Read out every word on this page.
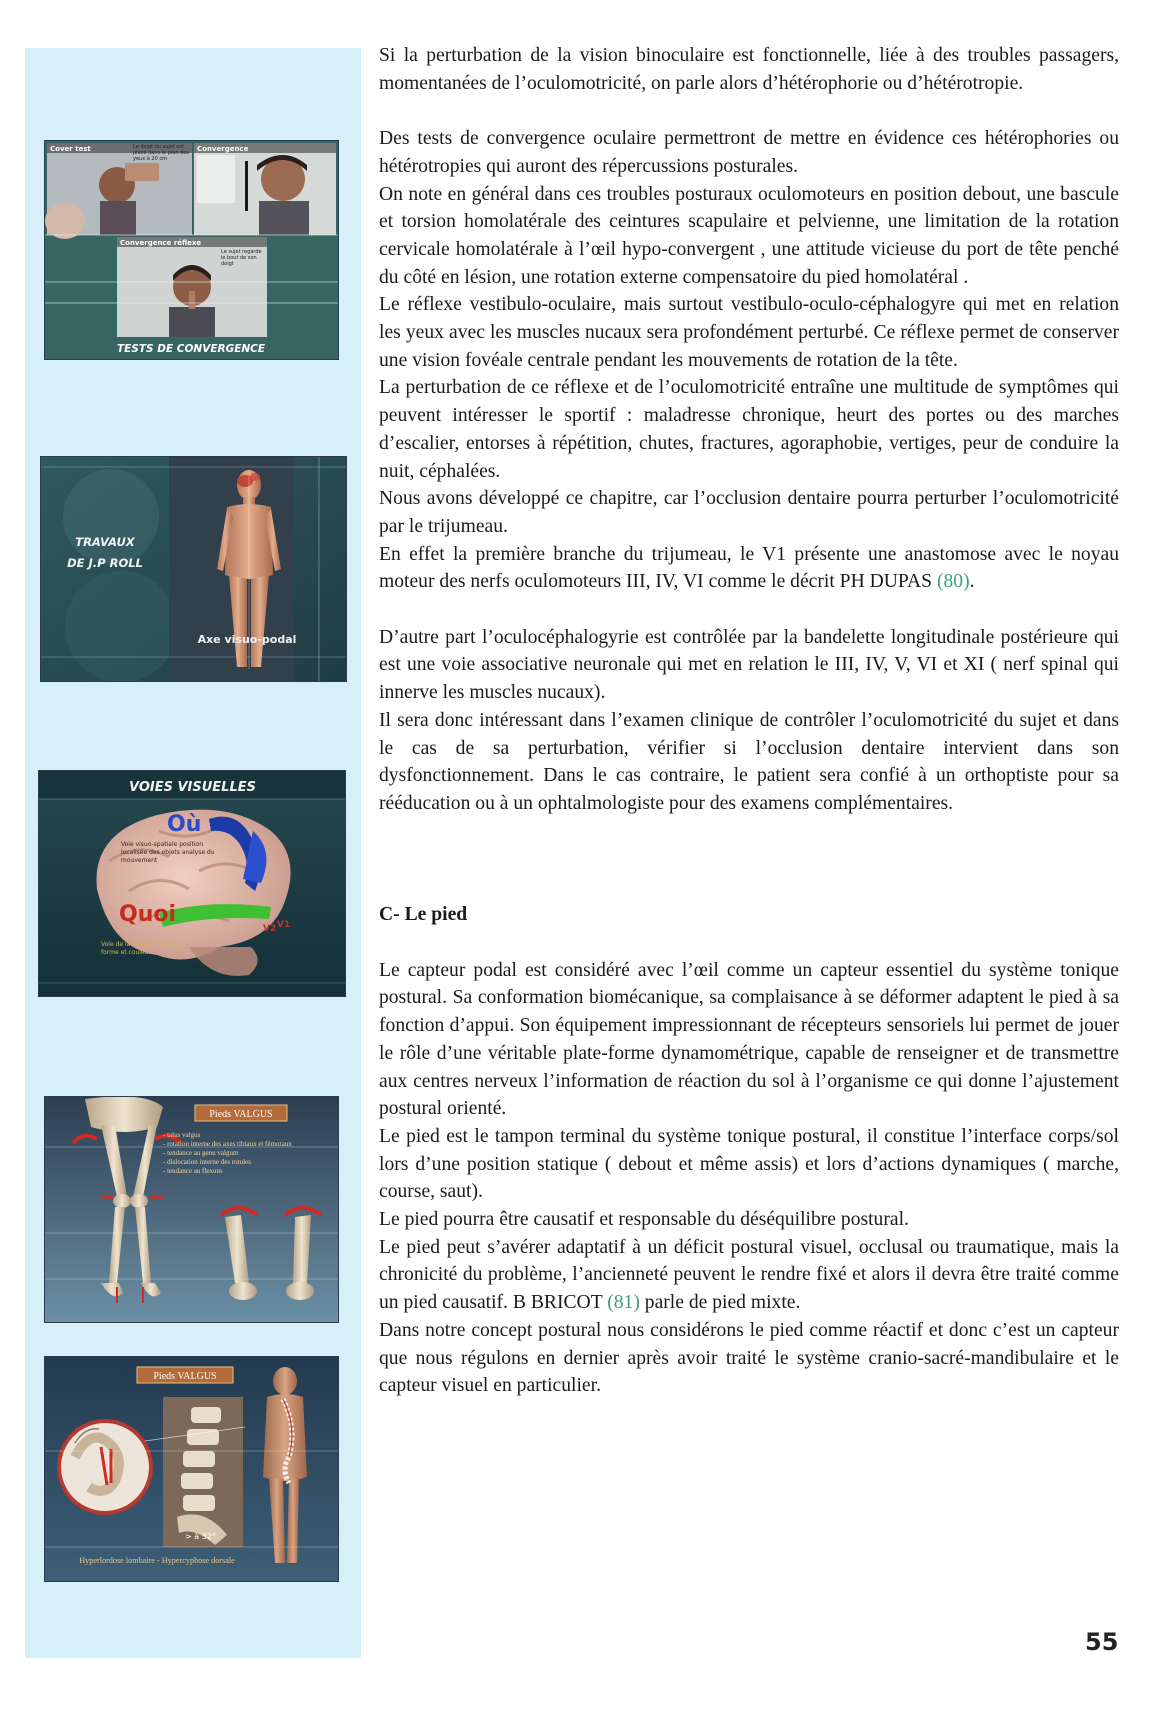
Cover test	Le doigt du sujet est placé dans le plan des yeux à 20 cm
Convergence
Convergence réflexe
Le sujet regarde le bout de son doigt
TESTS DE CONVERGENCE
TRAVAUX
DE J.P ROLL
Axe visuo-podal
VOIES VISUELLES
Où
Quoi
Voie visuo-spatiale position localisée des objets analyse du mouvement
Voie de la reconnaissance forme et couleur
V1
V2
Pieds VALGUS
- talus valgus
- rotation interne des axes tibiaux et fémoraux
- tendance au genu valgum
- dislocation interne des rotules
- tendance au flexum
Pieds VALGUS
> à 32°
Hyperlordose lombaire - Hypercyphose dorsale

Si la perturbation de la vision binoculaire est fonctionnelle, liée à des troubles passagers, momentanées de l’oculomotricité, on parle alors d’hétérophorie ou d’hétérotropie.

Des tests de convergence oculaire permettront de mettre en évidence ces hétérophories ou hétérotropies qui auront des répercussions posturales.

On note en général dans ces troubles posturaux oculomoteurs en position debout, une bascule et torsion homolatérale des ceintures scapulaire et pelvienne, une limitation de la rotation cervicale homolatérale à l’œil hypo-convergent , une attitude vicieuse du port de tête penché du côté en lésion, une rotation externe compensatoire du pied homolatéral .

Le réflexe vestibulo-oculaire, mais surtout vestibulo-oculo-céphalogyre qui met en relation les yeux avec les muscles nucaux sera profondément perturbé. Ce réflexe permet de conserver une vision fovéale centrale pendant les mouvements de rotation de la tête.

La perturbation de ce réflexe et de l’oculomotricité entraîne une multitude de symptômes qui peuvent intéresser le sportif : maladresse chronique, heurt des portes ou des marches d’escalier, entorses à répétition, chutes, fractures, agoraphobie, vertiges, peur de conduire la nuit, céphalées.

Nous avons développé ce chapitre, car l’occlusion dentaire pourra perturber l’oculomotricité par le trijumeau.

En effet la première branche du trijumeau, le V1 présente une anastomose avec le noyau moteur des nerfs oculomoteurs III, IV, VI comme le décrit PH DUPAS (80).

D’autre part l’oculocéphalogyrie est contrôlée par la bandelette longitudinale postérieure qui est une voie associative neuronale qui met en relation le III, IV, V, VI et XI ( nerf spinal qui innerve les muscles nucaux).

Il sera donc intéressant dans l’examen clinique de contrôler l’oculomotricité du sujet et dans le cas de sa perturbation, vérifier si l’occlusion dentaire intervient dans son dysfonctionnement. Dans le cas contraire, le patient sera confié à un orthoptiste pour sa rééducation ou à un ophtalmologiste pour des examens complémentaires.

C- Le pied

Le capteur podal est considéré avec l’œil comme un capteur essentiel du système tonique postural. Sa conformation biomécanique, sa complaisance à se déformer adaptent le pied à sa fonction d’appui. Son équipement impressionnant de récepteurs sensoriels lui permet de jouer le rôle d’une véritable plate-forme dynamométrique, capable de renseigner et de transmettre aux centres nerveux l’information de réaction du sol à l’organisme ce qui donne l’ajustement postural orienté.

Le pied est le tampon terminal du système tonique postural, il constitue l’interface corps/sol lors d’une position statique ( debout et même assis) et lors d’actions dynamiques ( marche, course, saut).

Le pied pourra être causatif et responsable du déséquilibre postural.

Le pied peut s’avérer adaptatif à un déficit postural visuel, occlusal ou traumatique, mais la chronicité du problème, l’ancienneté peuvent le rendre fixé et alors il devra être traité comme un pied causatif. B BRICOT (81) parle de pied mixte.

Dans notre concept postural nous considérons le pied comme réactif et donc c’est un capteur que nous régulons en dernier après avoir traité le système cranio-sacré-mandibulaire et le capteur visuel en particulier.

55
